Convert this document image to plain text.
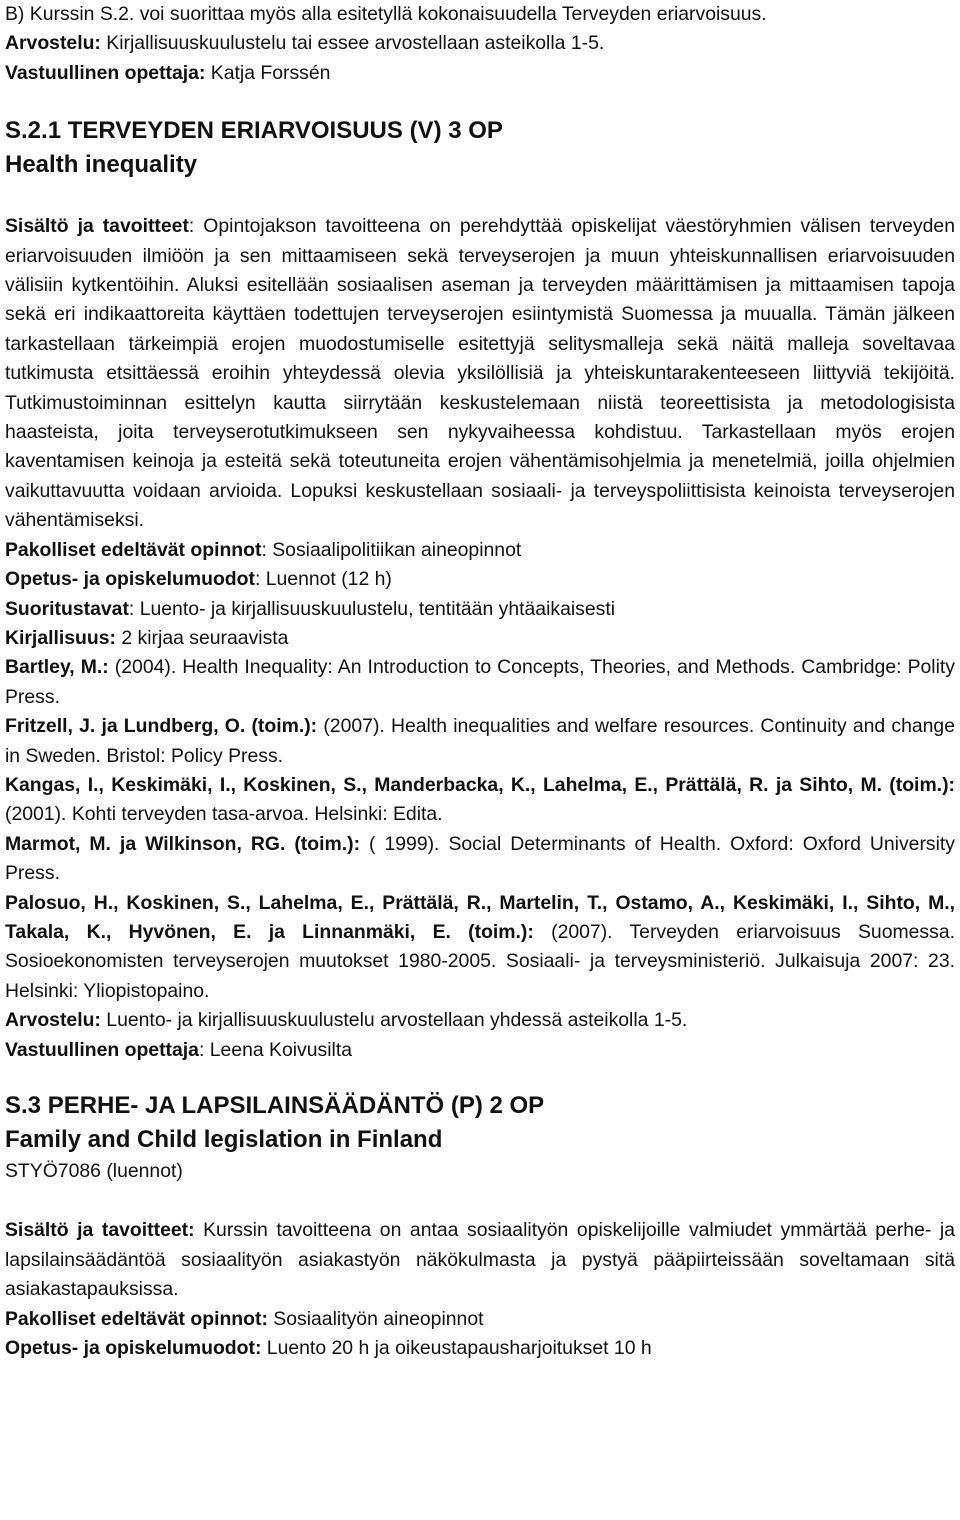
B) Kurssin S.2. voi suorittaa myös alla esitetyllä kokonaisuudella Terveyden eriarvoisuus.

Arvostelu: Kirjallisuuskuulustelu tai essee arvostellaan asteikolla 1-5.

Vastuullinen opettaja: Katja Forssén

S.2.1 TERVEYDEN ERIARVOISUUS (V) 3 OP
Health inequality

Sisältö ja tavoitteet: Opintojakson tavoitteena on perehdyttää opiskelijat väestöryhmien välisen terveyden eriarvoisuuden ilmiöön ja sen mittaamiseen sekä terveyserojen ja muun yhteiskunnallisen eriarvoisuuden välisiin kytkentöihin. Aluksi esitellään sosiaalisen aseman ja terveyden määrittämisen ja mittaamisen tapoja sekä eri indikaattoreita käyttäen todettujen terveyserojen esiintymistä Suomessa ja muualla. Tämän jälkeen tarkastellaan tärkeimpiä erojen muodostumiselle esitettyjä selitysmalleja sekä näitä malleja soveltavaa tutkimusta etsittäessä eroihin yhteydessä olevia yksilöllisiä ja yhteiskuntarakenteeseen liittyviä tekijöitä. Tutkimustoiminnan esittelyn kautta siirrytään keskustelemaan niistä teoreettisista ja metodologisista haasteista, joita terveyserotutkimukseen sen nykyvaiheessa kohdistuu. Tarkastellaan myös erojen kaventamisen keinoja ja esteitä sekä toteutuneita erojen vähentämisohjelmia ja menetelmiä, joilla ohjelmien vaikuttavuutta voidaan arvioida. Lopuksi keskustellaan sosiaali- ja terveyspoliittisista keinoista terveyserojen vähentämiseksi.

Pakolliset edeltävät opinnot: Sosiaalipolitiikan aineopinnot

Opetus- ja opiskelumuodot: Luennot (12 h)

Suoritustavat: Luento- ja kirjallisuuskuulustelu, tentitään yhtäaikaisesti

Kirjallisuus: 2 kirjaa seuraavista

Bartley, M.: (2004). Health Inequality: An Introduction to Concepts, Theories, and Methods. Cambridge: Polity Press.

Fritzell, J. ja Lundberg, O. (toim.): (2007). Health inequalities and welfare resources. Continuity and change in Sweden. Bristol: Policy Press.

Kangas, I., Keskimäki, I., Koskinen, S., Manderbacka, K., Lahelma, E., Prättälä, R. ja Sihto, M. (toim.): (2001). Kohti terveyden tasa-arvoa. Helsinki: Edita.

Marmot, M. ja Wilkinson, RG. (toim.): ( 1999). Social Determinants of Health. Oxford: Oxford University Press.

Palosuo, H., Koskinen, S., Lahelma, E., Prättälä, R., Martelin, T., Ostamo, A., Keskimäki, I., Sihto, M., Takala, K., Hyvönen, E. ja Linnanmäki, E. (toim.): (2007). Terveyden eriarvoisuus Suomessa. Sosioekonomisten terveyserojen muutokset 1980-2005. Sosiaali- ja terveysministeriö. Julkaisuja 2007: 23. Helsinki: Yliopistopaino.

Arvostelu: Luento- ja kirjallisuuskuulustelu arvostellaan yhdessä asteikolla 1-5.

Vastuullinen opettaja: Leena Koivusilta

S.3 PERHE- JA LAPSILAINSÄÄDÄNTÖ (P) 2 OP
Family and Child legislation in Finland

STYÖ7086 (luennot)

Sisältö ja tavoitteet: Kurssin tavoitteena on antaa sosiaalityön opiskelijoille valmiudet ymmärtää perhe- ja lapsilainsäädäntöä sosiaalityön asiakastyön näkökulmasta ja pystyä pääpiirteissään soveltamaan sitä asiakastapauksissa.

Pakolliset edeltävät opinnot: Sosiaalityön aineopinnot

Opetus- ja opiskelumuodot: Luento 20 h ja oikeustapausharjoitukset 10 h
